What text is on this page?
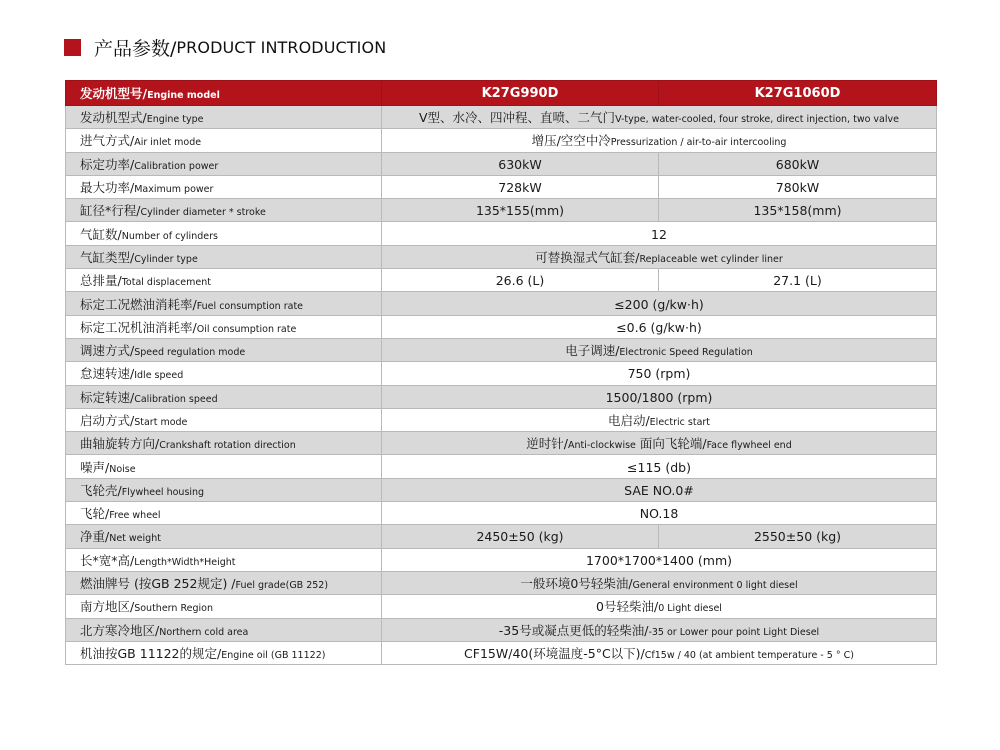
产品参数/ PRODUCT INTRODUCTION
发动机型号/Engine model	K27G990D	K27G1060D
发动机型式/Engine type	V型、水冷、四冲程、直喷、二气门V-type, water-cooled, four stroke, direct injection, two valve	
进气方式/Air inlet mode	增压/空空中冷Pressurization / air-to-air intercooling	
标定功率/Calibration power	630kW	680kW
最大功率/Maximum power	728kW	780kW
缸径*行程/Cylinder diameter * stroke	135*155(mm)	135*158(mm)
气缸数/Number of cylinders	12	
气缸类型/Cylinder type	可替换湿式气缸套/Replaceable wet cylinder liner	
总排量/Total displacement	26.6 (L)	27.1 (L)
标定工况燃油消耗率/Fuel consumption rate	≤200 (g/kw·h)	
标定工况机油消耗率/Oil consumption rate	≤0.6 (g/kw·h)	
调速方式/Speed regulation mode	电子调速/Electronic Speed Regulation	
怠速转速/Idle speed	750 (rpm)	
标定转速/Calibration speed	1500/1800 (rpm)	
启动方式/Start mode	电启动/Electric start	
曲轴旋转方向/Crankshaft rotation direction	逆时针/Anti-clockwise 面向飞轮端/Face flywheel end	
噪声/Noise	≤115 (db)	
飞轮壳/Flywheel housing	SAE NO.0#	
飞轮/Free wheel	NO.18	
净重/Net weight	2450±50 (kg)	2550±50 (kg)
长*宽*高/Length*Width*Height	1700*1700*1400 (mm)	
燃油牌号 (按GB 252规定) /Fuel grade(GB 252)	一般环境0号轻柴油/General environment 0 light diesel	
南方地区/Southern Region	0号轻柴油/0 Light diesel	
北方寒冷地区/Northern cold area	-35号或凝点更低的轻柴油/-35 or Lower pour point Light Diesel	
机油按GB 11122的规定/Engine oil (GB 11122)	CF15W/40(环境温度-5°C以下)/Cf15w / 40 (at ambient temperature - 5 ° C)	
